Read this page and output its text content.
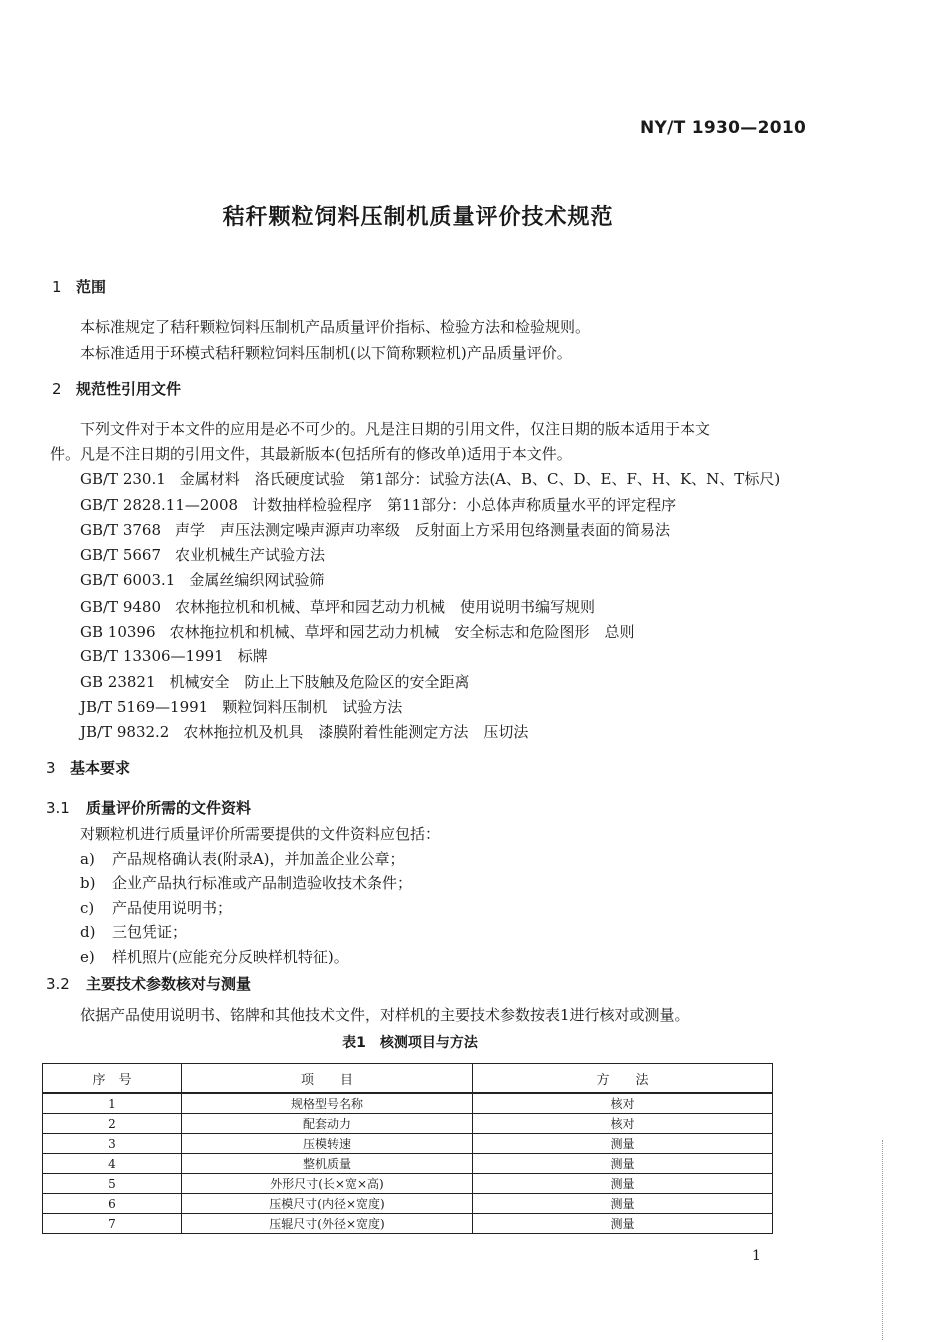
NY/T 1930—2010
秸秆颗粒饲料压制机质量评价技术规范
1 范围
本标准规定了秸秆颗粒饲料压制机产品质量评价指标、检验方法和检验规则。
本标准适用于环模式秸秆颗粒饲料压制机(以下简称颗粒机)产品质量评价。
2 规范性引用文件
下列文件对于本文件的应用是必不可少的。凡是注日期的引用文件，仅注日期的版本适用于本文
件。凡是不注日期的引用文件，其最新版本(包括所有的修改单)适用于本文件。
GB/T 230.1 金属材料　洛氏硬度试验　第1部分：试验方法(A、B、C、D、E、F、H、K、N、T标尺)
GB/T 2828.11—2008 计数抽样检验程序　第11部分：小总体声称质量水平的评定程序
GB/T 3768 声学　声压法测定噪声源声功率级　反射面上方采用包络测量表面的简易法
GB/T 5667 农业机械生产试验方法
GB/T 6003.1 金属丝编织网试验筛
GB/T 9480 农林拖拉机和机械、草坪和园艺动力机械　使用说明书编写规则
GB 10396 农林拖拉机和机械、草坪和园艺动力机械　安全标志和危险图形　总则
GB/T 13306—1991 标牌
GB 23821 机械安全　防止上下肢触及危险区的安全距离
JB/T 5169—1991 颗粒饲料压制机　试验方法
JB/T 9832.2 农林拖拉机及机具　漆膜附着性能测定方法　压切法
3 基本要求
3.1 质量评价所需的文件资料
对颗粒机进行质量评价所需要提供的文件资料应包括：
a) 产品规格确认表(附录A)，并加盖企业公章；
b) 企业产品执行标准或产品制造验收技术条件；
c) 产品使用说明书；
d) 三包凭证；
e) 样机照片(应能充分反映样机特征)。
3.2 主要技术参数核对与测量
依据产品使用说明书、铭牌和其他技术文件，对样机的主要技术参数按表1进行核对或测量。
表1　核测项目与方法
序　号	项　　目	方　　法
1	规格型号名称	核对
2	配套动力	核对
3	压模转速	测量
4	整机质量	测量
5	外形尺寸(长×宽×高)	测量
6	压模尺寸(内径×宽度)	测量
7	压辊尺寸(外径×宽度)	测量
1
